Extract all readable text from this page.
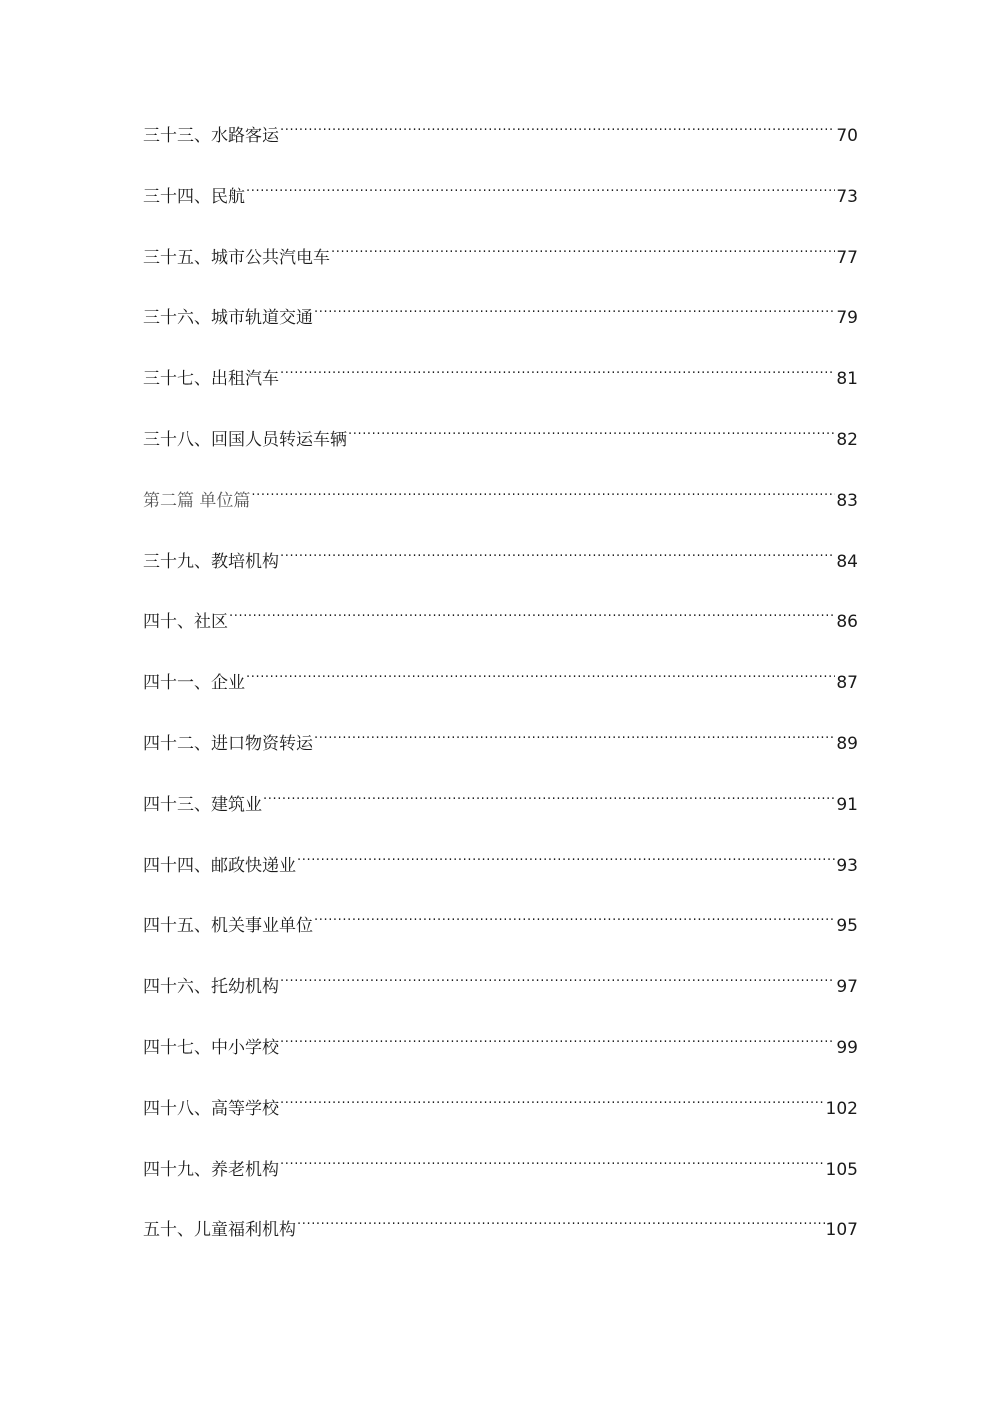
三十三、水路客运 .....	70
三十四、民航 .....	73
三十五、城市公共汽电车 .....	77
三十六、城市轨道交通 .....	79
三十七、出租汽车 .....	81
三十八、回国人员转运车辆 .....	82
第二篇 单位篇 .....	83
三十九、教培机构 .....	84
四十、社区 .....	86
四十一、企业 .....	87
四十二、进口物资转运 .....	89
四十三、建筑业 .....	91
四十四、邮政快递业 .....	93
四十五、机关事业单位 .....	95
四十六、托幼机构 .....	97
四十七、中小学校 .....	99
四十八、高等学校 .....	102
四十九、养老机构 .....	105
五十、儿童福利机构 .....	107
